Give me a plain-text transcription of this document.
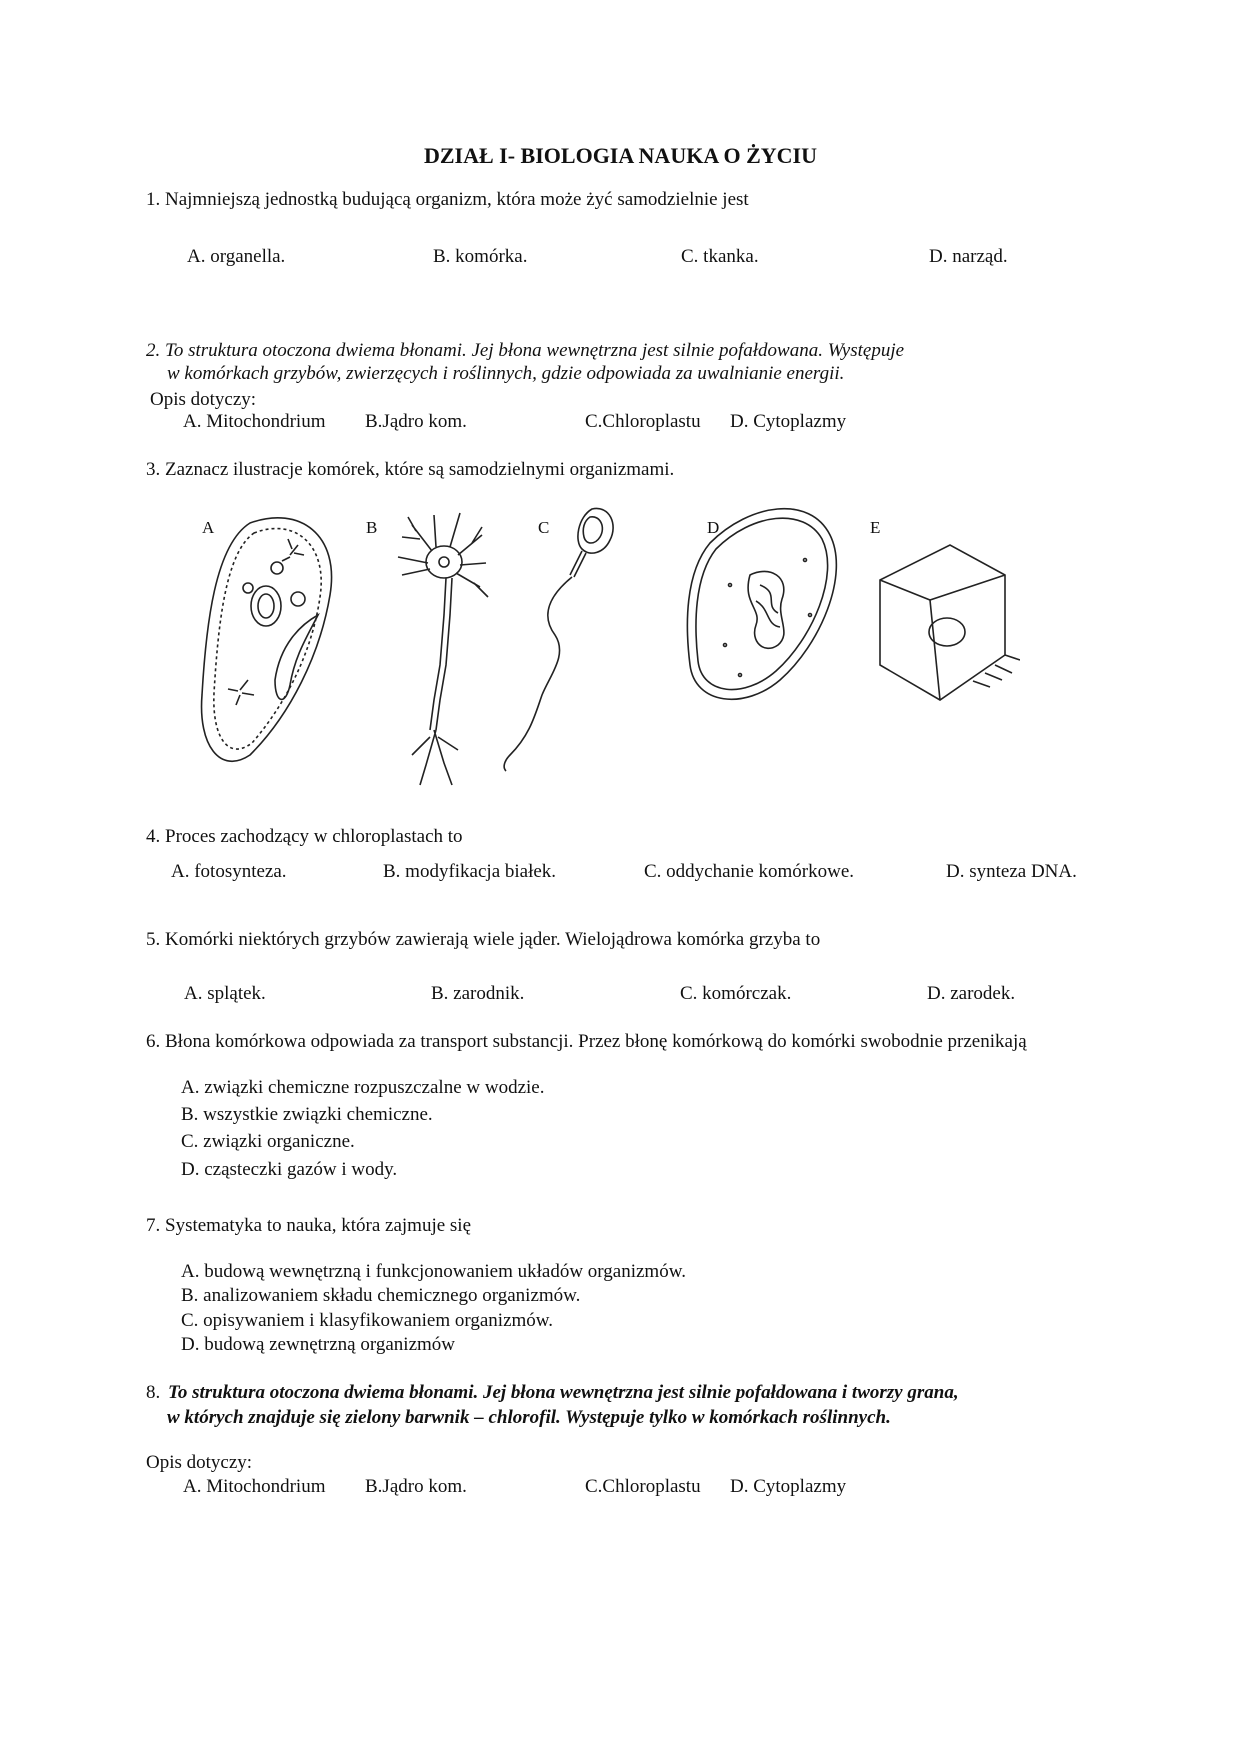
DZIAŁ I- BIOLOGIA NAUKA O ŻYCIU
1. Najmniejszą jednostką budującą organizm, która może żyć samodzielnie jest
A. organella.	B. komórka.	C. tkanka.	D. narząd.
2. To struktura otoczona dwiema błonami. Jej błona wewnętrzna jest silnie pofałdowana. Występuje
w komórkach grzybów, zwierzęcych i roślinnych, gdzie odpowiada za uwalnianie energii.
Opis dotyczy:
A. Mitochondrium B.Jądro kom.	C.Chloroplastu D. Cytoplazmy
3. Zaznacz ilustracje komórek, które są samodzielnymi organizmami.
A	B	C	D	E
4. Proces zachodzący w chloroplastach to
A. fotosynteza.	B. modyfikacja białek.	C. oddychanie komórkowe.	D. synteza DNA.
5. Komórki niektórych grzybów zawierają wiele jąder. Wielojądrowa komórka grzyba to
A. splątek.	B. zarodnik.	C. komórczak.	D. zarodek.
6. Błona komórkowa odpowiada za transport substancji. Przez błonę komórkową do komórki swobodnie przenikają
A. związki chemiczne rozpuszczalne w wodzie.
B. wszystkie związki chemiczne.
C. związki organiczne.
D. cząsteczki gazów i wody.
7. Systematyka to nauka, która zajmuje się
A. budową wewnętrzną i funkcjonowaniem układów organizmów.
B. analizowaniem składu chemicznego organizmów.
C. opisywaniem i klasyfikowaniem organizmów.
D. budową zewnętrzną organizmów
8. To struktura otoczona dwiema błonami. Jej błona wewnętrzna jest silnie pofałdowana i tworzy grana,
w których znajduje się zielony barwnik – chlorofil. Występuje tylko w komórkach roślinnych.
Opis dotyczy:
A. Mitochondrium B.Jądro kom.	C.Chloroplastu D. Cytoplazmy
